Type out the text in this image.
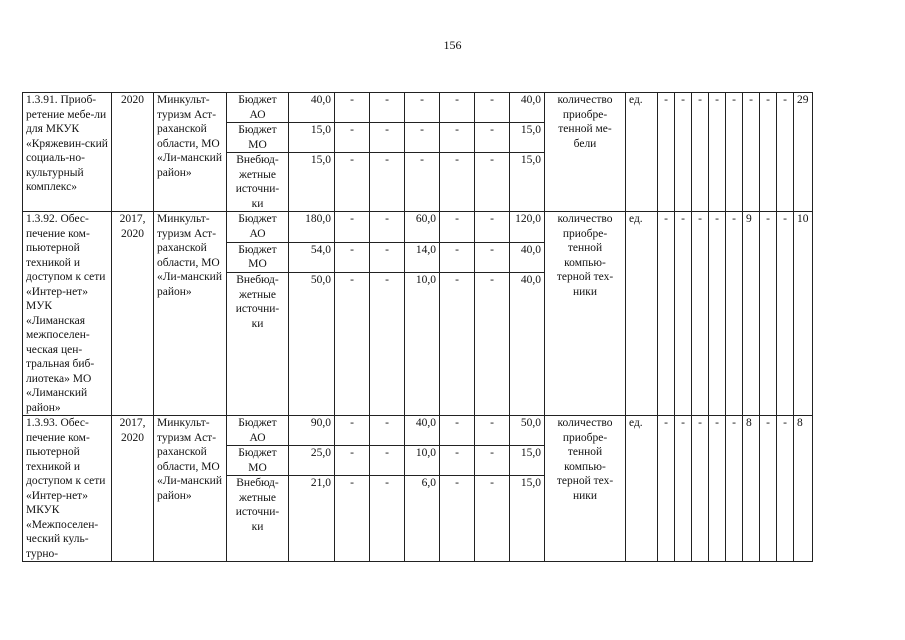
156
1.3.91. Приоб-ретение мебе-ли для МКУК «Кряжевин-ский социаль-но-культурный комплекс»	2020	Минкульт-туризм Аст-раханской области, МО «Ли-манский район»	Бюджет АО	40,0	-	-	-	-	-	40,0	количество приобре-тенной ме-бели	ед.	-	-	-	-	-	-	-	-	29
			Бюджет МО	15,0	-	-	-	-	-	15,0											
			Внебюд-жетные источни-ки	15,0	-	-	-	-	-	15,0											
1.3.92. Обес-печение ком-пьютерной техникой и доступом к сети «Интер-нет» МУК «Лиманская межпоселен-ческая цен-тральная биб-лиотека» МО «Лиманский район»	2017, 2020	Минкульт-туризм Аст-раханской области, МО «Ли-манский район»	Бюджет АО	180,0	-	-	60,0	-	-	120,0	количество приобре-тенной компью-терной тех-ники	ед.	-	-	-	-	-	9	-	-	10
			Бюджет МО	54,0	-	-	14,0	-	-	40,0											
			Внебюд-жетные источни-ки	50,0	-	-	10,0	-	-	40,0											
1.3.93. Обес-печение ком-пьютерной техникой и доступом к сети «Интер-нет» МКУК «Межпоселен-ческий куль-турно-	2017, 2020	Минкульт-туризм Аст-раханской области, МО «Ли-манский район»	Бюджет АО	90,0	-	-	40,0	-	-	50,0	количество приобре-тенной компью-терной тех-ники	ед.	-	-	-	-	-	8	-	-	8
			Бюджет МО	25,0	-	-	10,0	-	-	15,0											
			Внебюд-жетные источни-ки	21,0	-	-	6,0	-	-	15,0											
